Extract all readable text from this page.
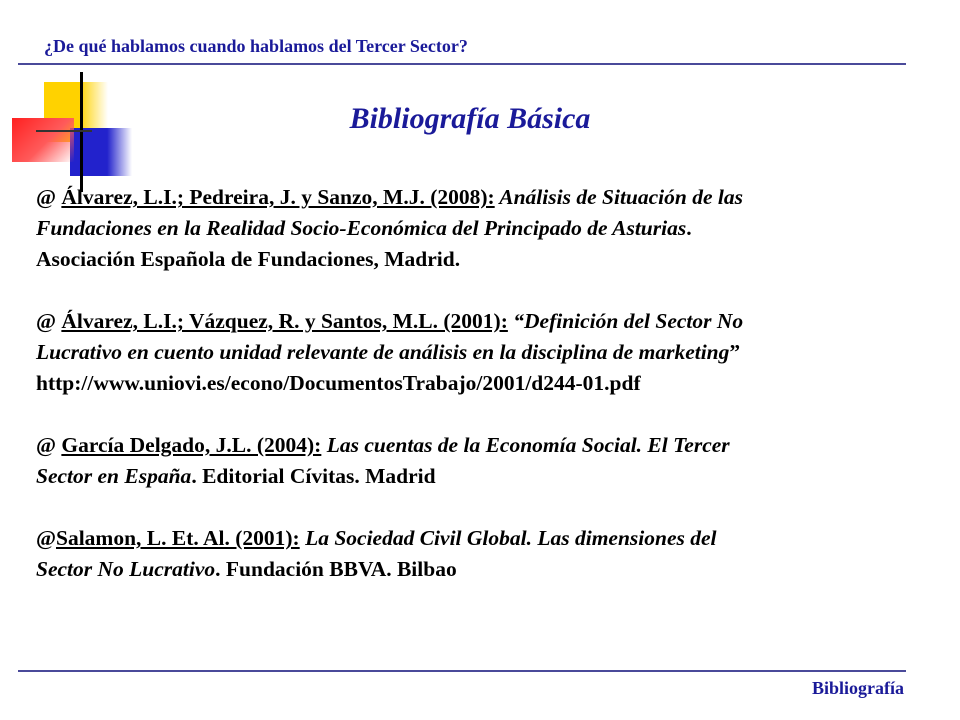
¿De qué hablamos cuando hablamos del Tercer Sector?
Bibliografía Básica
@ Álvarez, L.I.; Pedreira, J. y Sanzo, M.J. (2008): Análisis de Situación de las
Fundaciones en la Realidad Socio-Económica del Principado de Asturias.
Asociación Española de Fundaciones, Madrid.
@ Álvarez, L.I.; Vázquez, R. y Santos, M.L. (2001): “Definición del Sector No
Lucrativo en cuento unidad relevante de análisis en la disciplina de marketing”
http://www.uniovi.es/econo/DocumentosTrabajo/2001/d244-01.pdf
@ García Delgado, J.L. (2004): Las cuentas de la Economía Social. El Tercer
Sector en España. Editorial Cívitas. Madrid
@Salamon, L. Et. Al. (2001): La Sociedad Civil Global. Las dimensiones del
Sector No Lucrativo. Fundación BBVA. Bilbao
Bibliografía
